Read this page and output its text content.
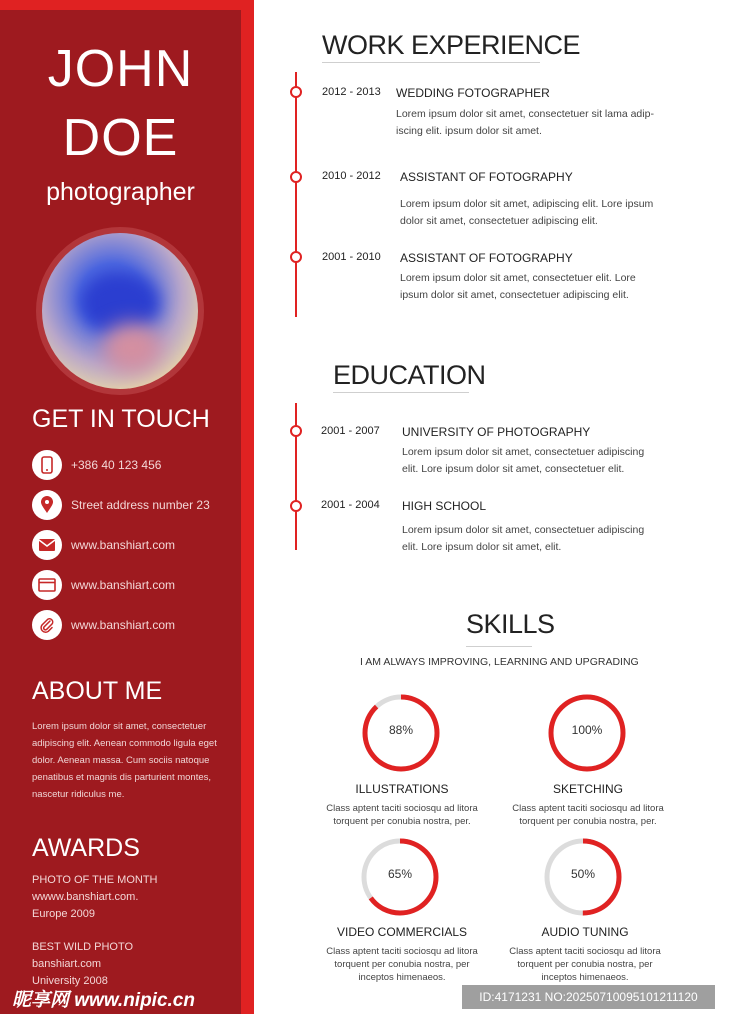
JOHN
DOE
photographer
GET IN TOUCH
+386 40 123 456
Street address number 23
www.banshiart.com
www.banshiart.com
www.banshiart.com
ABOUT ME
Lorem ipsum dolor sit amet, consectetuer adipiscing elit. Aenean commodo ligula eget dolor. Aenean massa. Cum sociis natoque penatibus et magnis dis parturient montes, nascetur ridiculus me.
AWARDS
PHOTO OF THE MONTH
wwww.banshiart.com.
Europe 2009
BEST WILD PHOTO
banshiart.com
University 2008
WORK EXPERIENCE
2012 - 2013 WEDDING FOTOGRAPHER
Lorem ipsum dolor sit amet, consectetuer sit lama adip-
iscing elit. ipsum dolor sit amet.
2010 - 2012 ASSISTANT OF FOTOGRAPHY
Lorem ipsum dolor sit amet, adipiscing elit. Lore ipsum
dolor sit amet, consectetuer adipiscing elit.
2001 - 2010 ASSISTANT OF FOTOGRAPHY
Lorem ipsum dolor sit amet, consectetuer elit. Lore
ipsum dolor sit amet, consectetuer adipiscing elit.
EDUCATION
2001 - 2007 UNIVERSITY OF PHOTOGRAPHY
Lorem ipsum dolor sit amet, consectetuer adipiscing
elit. Lore ipsum dolor sit amet, consectetuer elit.
2001 - 2004 HIGH SCHOOL
Lorem ipsum dolor sit amet, consectetuer adipiscing
elit. Lore ipsum dolor sit amet, elit.
SKILLS
I AM ALWAYS IMPROVING, LEARNING AND UPGRADING
88%
ILLUSTRATIONS
Class aptent taciti sociosqu ad litora
torquent per conubia nostra, per.
100%
SKETCHING
Class aptent taciti sociosqu ad litora
torquent per conubia nostra, per.
65%
VIDEO COMMERCIALS
Class aptent taciti sociosqu ad litora
torquent per conubia nostra, per
inceptos himenaeos.
50%
AUDIO TUNING
Class aptent taciti sociosqu ad litora
torquent per conubia nostra, per
inceptos himenaeos.
昵享网 www.nipic.cn	ID:4171231 NO:20250710095101211120
